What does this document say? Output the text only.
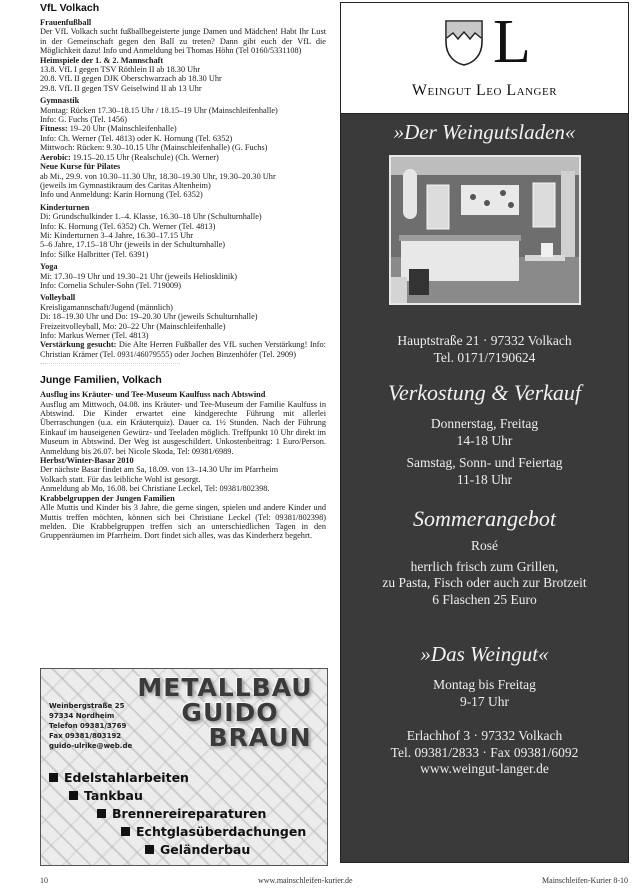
VfL Volkach
Frauenfußball
Der VfL Volkach sucht fußballbegeisterte junge Damen und Mädchen! Habt Ihr Lust in der Gemeinschaft gegen den Ball zu treten? Dann gibt euch der VfL die Möglichkeit dazu! Info und Anmeldung bei Thomas Höhn (Tel 0160/5331108)
Heimspiele der 1. & 2. Mannschaft
13.8. VfL I gegen TSV Röthlein II ab 18.30 Uhr
20.8. VfL II gegen DJK Oberschwarzach ab 18.30 Uhr
29.8. VfL II gegen TSV Geiselwind II ab 13 Uhr
Gymnastik
Montag: Rücken 17.30–18.15 Uhr / 18.15–19 Uhr (Mainschleifenhalle)
Info: G. Fuchs (Tel. 1456)
Fitness: 19–20 Uhr (Mainschleifenhalle)
Info: Ch. Werner (Tel. 4813) oder K. Hornung (Tel. 6352)
Mittwoch: Rücken: 9.30–10.15 Uhr (Mainschleifenhalle) (G. Fuchs)
Aerobic: 19.15–20.15 Uhr (Realschule) (Ch. Werner)
Neue Kurse für Pilates
ab Mi., 29.9. von 10.30–11.30 Uhr, 18.30–19.30 Uhr, 19.30–20.30 Uhr
(jeweils im Gymnastikraum des Caritas Altenheim)
Info und Anmeldung: Karin Hornung (Tel. 6352)
Kinderturnen
Di: Grundschulkinder 1.–4. Klasse, 16.30–18 Uhr (Schulturnhalle)
Info: K. Hornung (Tel. 6352) Ch. Werner (Tel. 4813)
Mi: Kinderturnen 3–4 Jahre, 16.30–17.15 Uhr
5–6 Jahre, 17.15–18 Uhr (jeweils in der Schulturnhalle)
Info: Silke Halbritter (Tel. 6391)
Yoga
Mi: 17.30–19 Uhr und 19.30–21 Uhr (jeweils Heliosklinik)
Info: Cornelia Schuler-Sohn (Tel. 719009)
Volleyball
Kreisligamannschaft/Jugend (männlich)
Di: 18–19.30 Uhr und Do: 19–20.30 Uhr (jeweils Schulturnhalle)
Freizeitvolleyball, Mo: 20–22 Uhr (Mainschleifenhalle)
Info: Markus Werner (Tel. 4813)
Verstärkung gesucht: Die Alte Herren Fußballer des VfL suchen Verstärkung! Info: Christian Krämer (Tel. 0931/46079555) oder Jochen Binzenhöfer (Tel. 2909)
Junge Familien, Volkach
Ausflug ins Kräuter- und Tee-Museum Kaulfuss nach Abtswind
Ausflug am Mittwoch, 04.08. ins Kräuter- und Tee-Museum der Familie Kaulfuss in Abtswind. Die Kinder erwartet eine kindgerechte Führung mit allerlei Überraschungen (u.a. ein Kräuterquiz). Dauer ca. 1½ Stunden. Nach der Führung Einkauf im hauseigenen Gewürz- und Teeladen möglich. Treffpunkt 10 Uhr direkt im Museum in Abtswind. Der Weg ist ausgeschildert. Unkostenbeitrag: 1 Euro/Person. Anmeldung bis 26.07. bei Nicole Skoda, Tel: 09381/6989.
Herbst/Winter-Basar 2010
Der nächste Basar findet am Sa, 18.09. von 13–14.30 Uhr im Pfarrheim
Volkach statt. Für das leibliche Wohl ist gesorgt.
Anmeldung ab Mo, 16.08. bei Christiane Leckel, Tel: 09381/802398.
Krabbelgruppen der Jungen Familien
Alle Muttis und Kinder bis 3 Jahre, die gerne singen, spielen und andere Kinder und Muttis treffen möchten, können sich bei Christiane Leckel (Tel: 09381/802398) melden. Die Krabbelgruppen treffen sich an unterschiedlichen Tagen in den Gruppenräumen im Pfarrheim. Dort findet sich alles, was das Kinderherz begehrt.
METALLBAU
GUIDO
BRAUN
Weinbergstraße 25
97334 Nordheim
Telefon 09381/3769
Fax 09381/803192
guido-ulrike@web.de
Edelstahlarbeiten
Tankbau
Brennereireparaturen
Echtglasüberdachungen
Geländerbau
L
Weingut Leo Langer
»Der Weingutsladen«
Hauptstraße 21 · 97332 Volkach
Tel. 0171/7190624
Verkostung & Verkauf
Donnerstag, Freitag
14-18 Uhr
Samstag, Sonn- und Feiertag
11-18 Uhr
Sommerangebot
Rosé
herrlich frisch zum Grillen,
zu Pasta, Fisch oder auch zur Brotzeit
6 Flaschen 25 Euro
»Das Weingut«
Montag bis Freitag
9-17 Uhr
Erlachhof 3 · 97332 Volkach
Tel. 09381/2833 · Fax 09381/6092
www.weingut-langer.de
10	www.mainschleifen-kurier.de	Mainschleifen-Kurier 8-10
